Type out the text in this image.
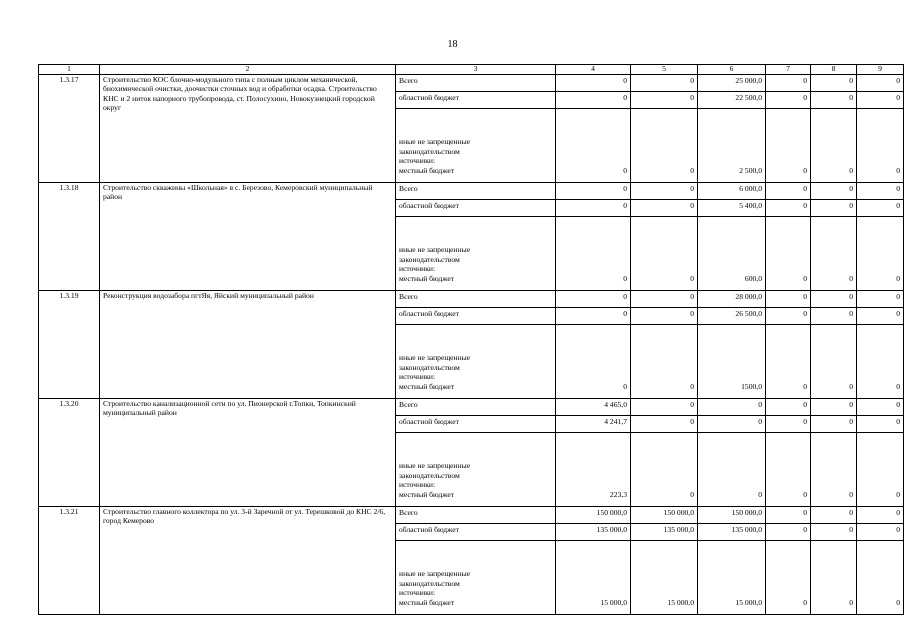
18
1	2	3	4	5	6	7	8	9
1.3.17	Строительство КОС блочно-модульного типа с полным циклом механической, биохимической очистки, доочистки сточных вод и обработки осадка. Строительство КНС и 2 ниток напорного трубопровода, ст. Полосухино, Новокузнецкий городской округ	Всего	0	0	25 000,0	0	0	0
		областной бюджет	0	0	22 500,0	0	0	0

		иные не запрещенные
законодательством
источники:
местный бюджет	0	0	2 500,0	0	0	0
1.3.18	Строительство скважины «Школьная» в с. Березово, Кемеровский муниципальный район	Всего	0	0	6 000,0	0	0	0
		областной бюджет	0	0	5 400,0	0	0	0

		иные не запрещенные
законодательством
источники:
местный бюджет	0	0	600,0	0	0	0
1.3.19	Реконструкция водозабора пгтЯя, Яйский муниципальный район	Всего	0	0	28 000,0	0	0	0
		областной бюджет	0	0	26 500,0	0	0	0

		иные не запрещенные
законодательством
источники:
местный бюджет	0	0	1500,0	0	0	0
1.3.20	Строительство канализационной сети по ул. Пионерской г.Топки, Топкинский муниципальный район	Всего	4 465,0	0	0	0	0	0
		областной бюджет	4 241,7	0	0	0	0	0

		иные не запрещенные
законодательством
источники:
местный бюджет	223,3	0	0	0	0	0
1.3.21	Строительство главного коллектора по ул. 3-й Заречной от ул. Терешковой до КНС 2/6, город Кемерово	Всего	150 000,0	150 000,0	150 000,0	0	0	0
		областной бюджет	135 000,0	135 000,0	135 000,0	0	0	0

		иные не запрещенные
законодательством
источники:
местный бюджет	15 000,0	15 000,0	15 000,0	0	0	0
